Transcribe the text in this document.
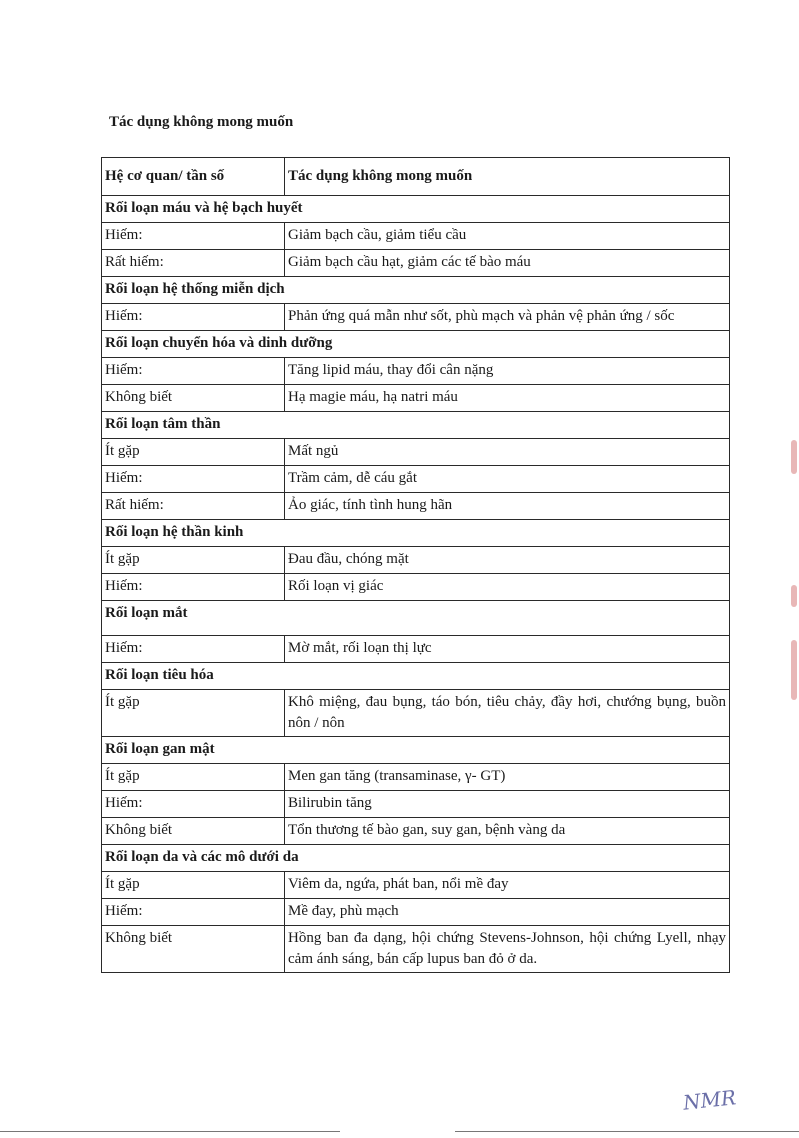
Tác dụng không mong muốn
Hệ cơ quan/ tần số	Tác dụng không mong muốn
Rối loạn máu và hệ bạch huyết	
Hiếm:	Giảm bạch cầu, giảm tiểu cầu
Rất hiếm:	Giảm bạch cầu hạt, giảm các tế bào máu
Rối loạn hệ thống miễn dịch	
Hiếm:	Phản ứng quá mẫn như sốt, phù mạch và phản vệ phản ứng / sốc
Rối loạn chuyển hóa và dinh dưỡng	
Hiếm:	Tăng lipid máu, thay đổi cân nặng
Không biết	Hạ magie máu, hạ natri máu
Rối loạn tâm thần	
Ít gặp	Mất ngủ
Hiếm:	Trầm cảm, dễ cáu gắt
Rất hiếm:	Ảo giác, tính tình hung hãn
Rối loạn hệ thần kinh	
Ít gặp	Đau đầu, chóng mặt
Hiếm:	Rối loạn vị giác
Rối loạn mắt	
Hiếm:	Mờ mắt, rối loạn thị lực
Rối loạn tiêu hóa	
Ít gặp	Khô miệng, đau bụng, táo bón, tiêu chảy, đầy hơi, chướng bụng, buồn nôn / nôn
Rối loạn gan mật	
Ít gặp	Men gan tăng (transaminase, γ- GT)
Hiếm:	Bilirubin tăng
Không biết	Tổn thương tế bào gan, suy gan, bệnh vàng da
Rối loạn da và các mô dưới da	
Ít gặp	Viêm da, ngứa, phát ban, nổi mề đay
Hiếm:	Mề đay, phù mạch
Không biết	Hồng ban đa dạng, hội chứng Stevens-Johnson, hội chứng Lyell, nhạy cảm ánh sáng, bán cấp lupus ban đỏ ở da.
NMR
